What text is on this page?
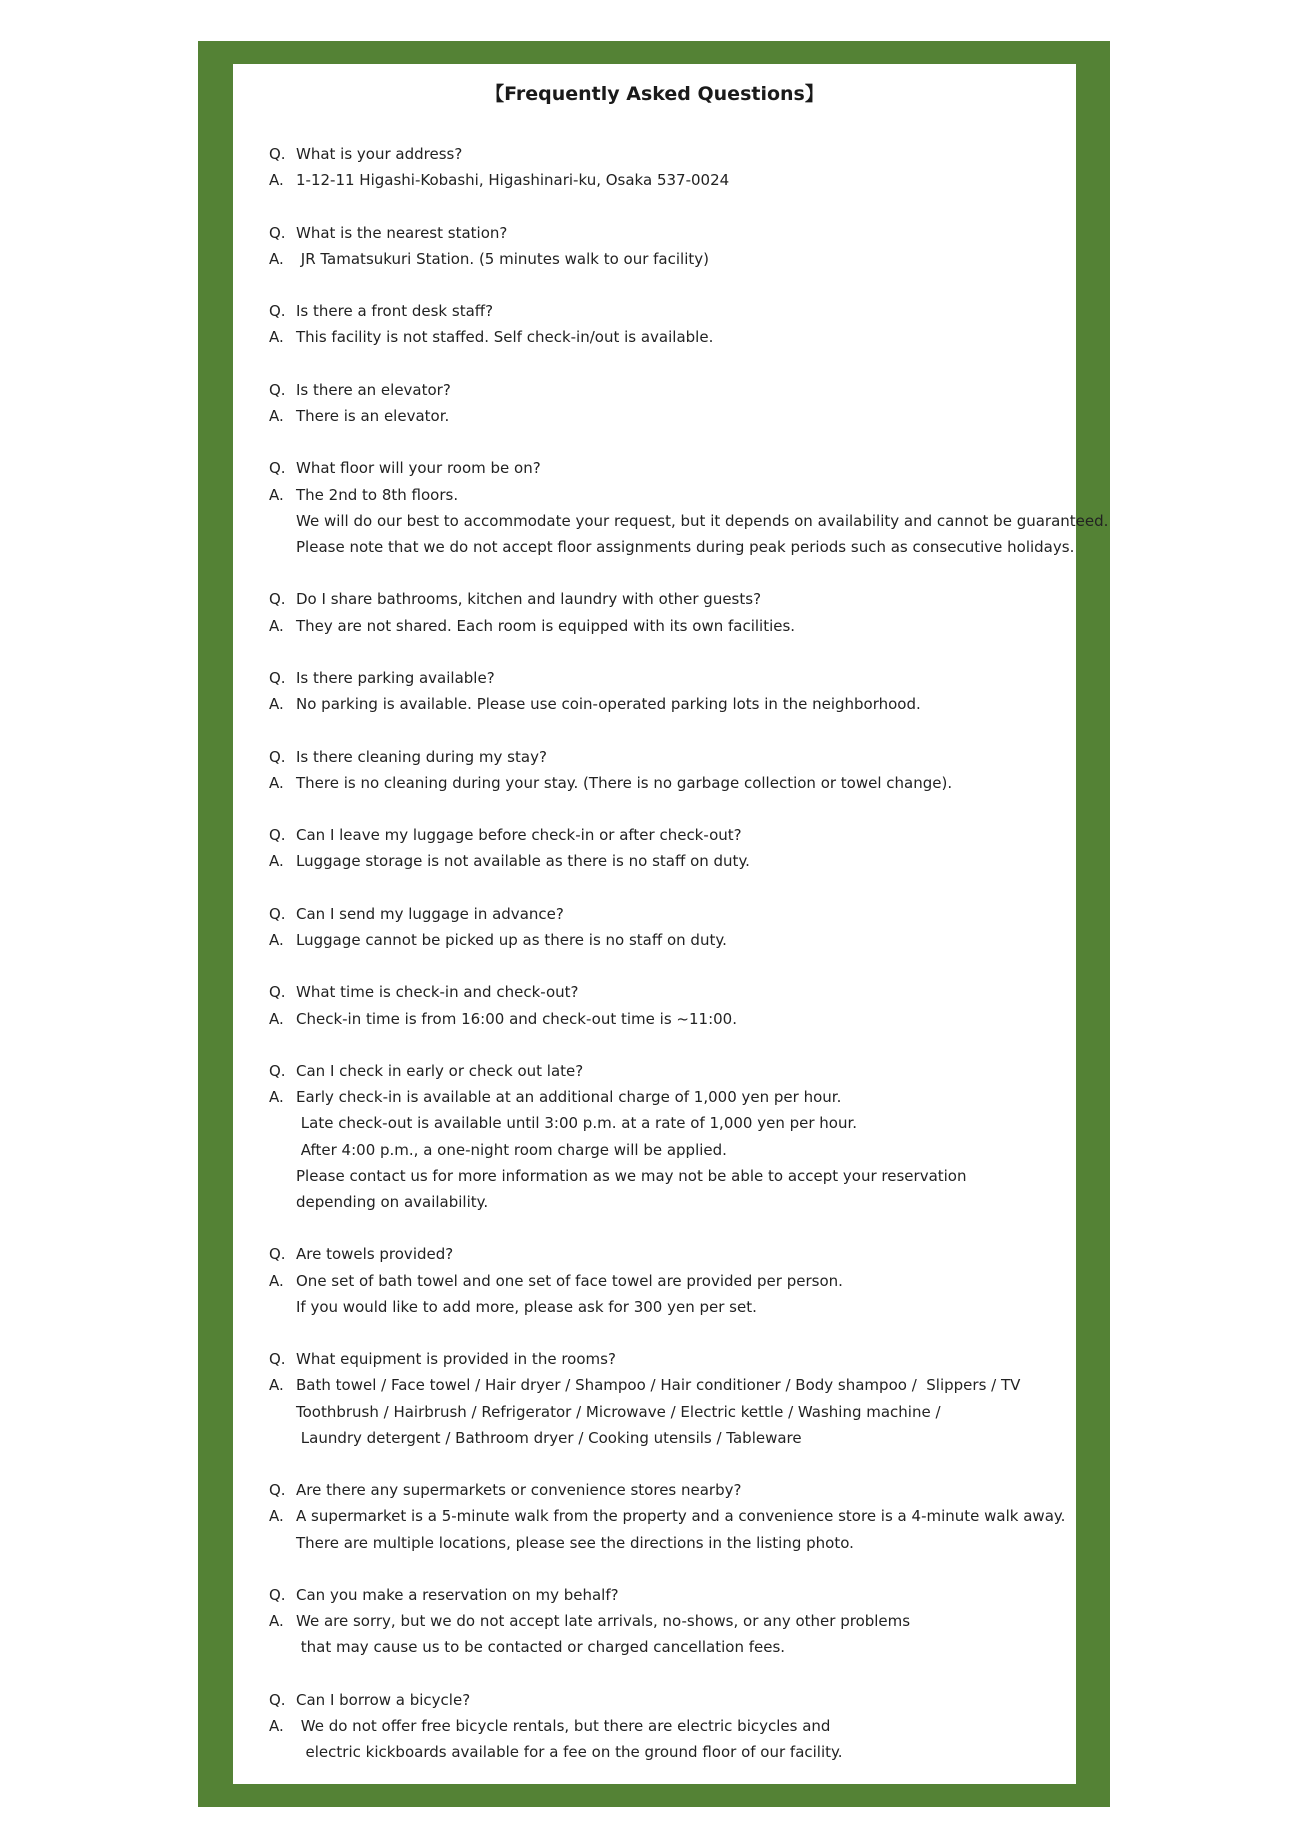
【Frequently Asked Questions】
Q. What is your address?
A. 1-12-11 Higashi-Kobashi, Higashinari-ku, Osaka 537-0024
Q. What is the nearest station?
A. JR Tamatsukuri Station. (5 minutes walk to our facility)
Q. Is there a front desk staff?
A. This facility is not staffed. Self check-in/out is available.
Q. Is there an elevator?
A. There is an elevator.
Q. What floor will your room be on?
A. The 2nd to 8th floors.
We will do our best to accommodate your request, but it depends on availability and cannot be guaranteed.
Please note that we do not accept floor assignments during peak periods such as consecutive holidays.
Q. Do I share bathrooms, kitchen and laundry with other guests?
A. They are not shared. Each room is equipped with its own facilities.
Q. Is there parking available?
A. No parking is available. Please use coin-operated parking lots in the neighborhood.
Q. Is there cleaning during my stay?
A. There is no cleaning during your stay. (There is no garbage collection or towel change).
Q. Can I leave my luggage before check-in or after check-out?
A. Luggage storage is not available as there is no staff on duty.
Q. Can I send my luggage in advance?
A. Luggage cannot be picked up as there is no staff on duty.
Q. What time is check-in and check-out?
A. Check-in time is from 16:00 and check-out time is ~11:00.
Q. Can I check in early or check out late?
A. Early check-in is available at an additional charge of 1,000 yen per hour.
Late check-out is available until 3:00 p.m. at a rate of 1,000 yen per hour.
After 4:00 p.m., a one-night room charge will be applied.
Please contact us for more information as we may not be able to accept your reservation
depending on availability.
Q. Are towels provided?
A. One set of bath towel and one set of face towel are provided per person.
If you would like to add more, please ask for 300 yen per set.
Q. What equipment is provided in the rooms?
A. Bath towel / Face towel / Hair dryer / Shampoo / Hair conditioner / Body shampoo /  Slippers / TV
Toothbrush / Hairbrush / Refrigerator / Microwave / Electric kettle / Washing machine /
Laundry detergent / Bathroom dryer / Cooking utensils / Tableware
Q. Are there any supermarkets or convenience stores nearby?
A. A supermarket is a 5-minute walk from the property and a convenience store is a 4-minute walk away.
There are multiple locations, please see the directions in the listing photo.
Q. Can you make a reservation on my behalf?
A. We are sorry, but we do not accept late arrivals, no-shows, or any other problems
that may cause us to be contacted or charged cancellation fees.
Q. Can I borrow a bicycle?
A. We do not offer free bicycle rentals, but there are electric bicycles and
electric kickboards available for a fee on the ground floor of our facility.
